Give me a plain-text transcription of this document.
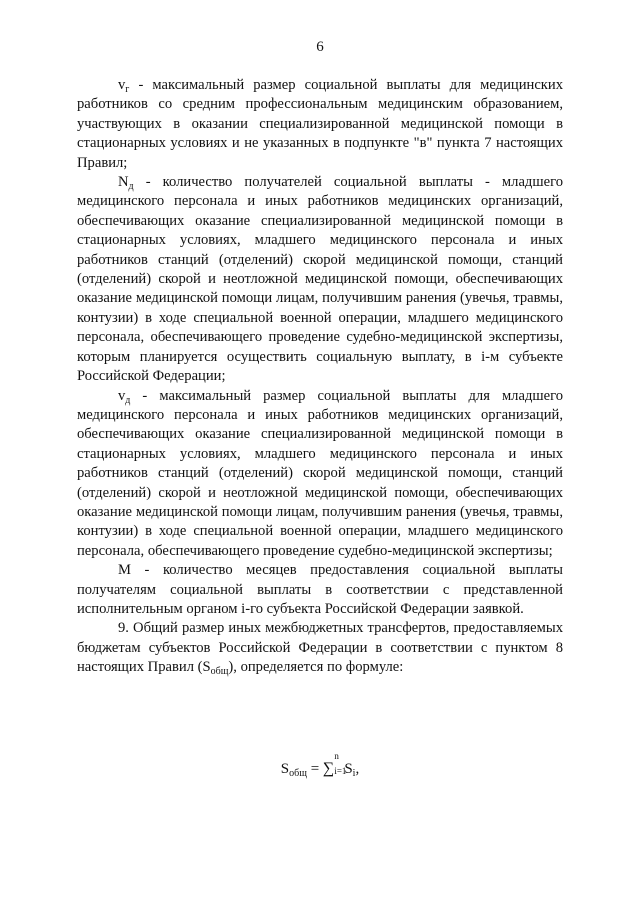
6

$v_г$ - максимальный размер социальной выплаты для медицинских работников со средним профессиональным медицинским образованием, участвующих в оказании специализированной медицинской помощи в стационарных условиях и не указанных в подпункте "в" пункта 7 настоящих Правил;

$N_д$ - количество получателей социальной выплаты - младшего медицинского персонала и иных работников медицинских организаций, обеспечивающих оказание специализированной медицинской помощи в стационарных условиях, младшего медицинского персонала и иных работников станций (отделений) скорой медицинской помощи, станций (отделений) скорой и неотложной медицинской помощи, обеспечивающих оказание медицинской помощи лицам, получившим ранения (увечья, травмы, контузии) в ходе специальной военной операции, младшего медицинского персонала, обеспечивающего проведение судебно-медицинской экспертизы, которым планируется осуществить социальную выплату, в i-м субъекте Российской Федерации;

$v_д$ - максимальный размер социальной выплаты для младшего медицинского персонала и иных работников медицинских организаций, обеспечивающих оказание специализированной медицинской помощи в стационарных условиях, младшего медицинского персонала и иных работников станций (отделений) скорой медицинской помощи, станций (отделений) скорой и неотложной медицинской помощи, обеспечивающих оказание медицинской помощи лицам, получившим ранения (увечья, травмы, контузии) в ходе специальной военной операции, младшего медицинского персонала, обеспечивающего проведение судебно-медицинской экспертизы;

М - количество месяцев предоставления социальной выплаты получателям социальной выплаты в соответствии с представленной исполнительным органом i-го субъекта Российской Федерации заявкой.

9. Общий размер иных межбюджетных трансфертов, предоставляемых бюджетам субъектов Российской Федерации в соответствии с пунктом 8 настоящих Правил $(S_{общ})$, определяется по формуле:

$S_{общ}$ = ∑
n
i=1
$S_i$,
